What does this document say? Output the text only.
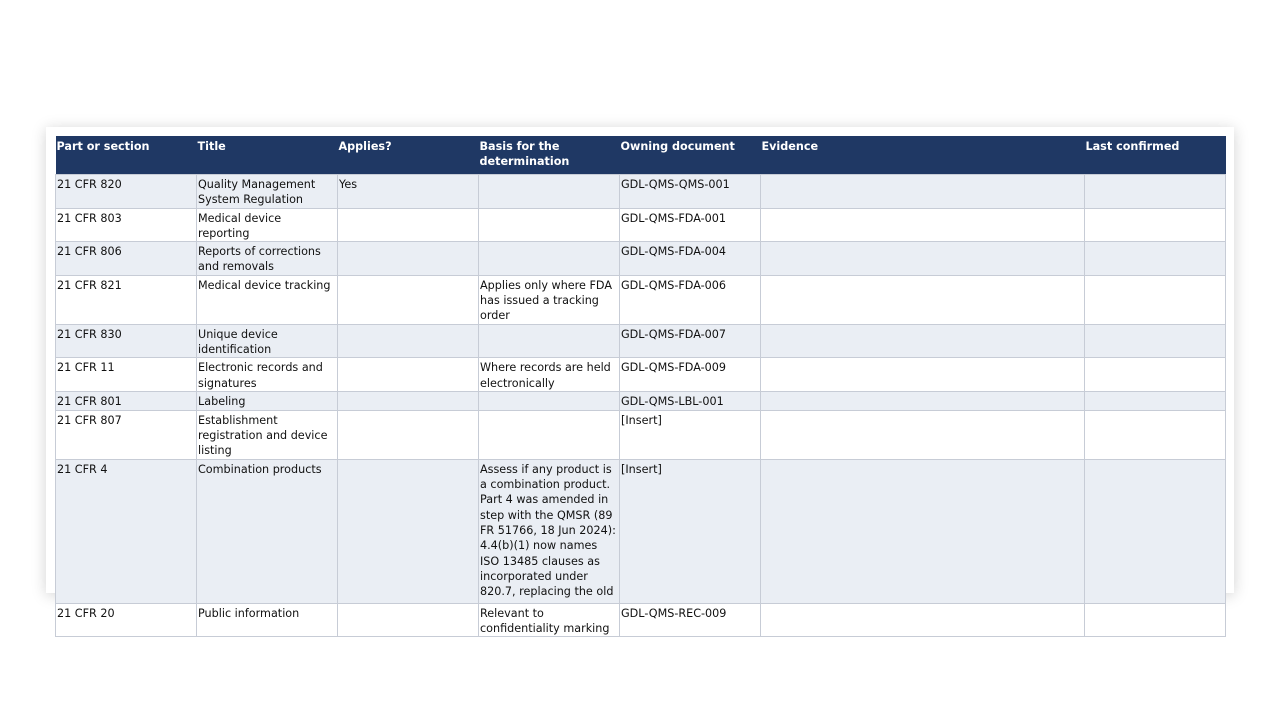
Part or section	Title	Applies?	Basis for the determination	Owning document	Evidence	Last confirmed
21 CFR 820	Quality Management System Regulation	Yes		GDL-QMS-QMS-001		
21 CFR 803	Medical device reporting			GDL-QMS-FDA-001		
21 CFR 806	Reports of corrections and removals			GDL-QMS-FDA-004		
21 CFR 821	Medical device tracking		Applies only where FDA has issued a tracking order	GDL-QMS-FDA-006		
21 CFR 830	Unique device identification			GDL-QMS-FDA-007		
21 CFR 11	Electronic records and signatures		Where records are held electronically	GDL-QMS-FDA-009		
21 CFR 801	Labeling			GDL-QMS-LBL-001		
21 CFR 807	Establishment registration and device listing			[Insert]		
21 CFR 4	Combination products		Assess if any product is a combination product. Part 4 was amended in step with the QMSR (89 FR 51766, 18 Jun 2024): 4.4(b)(1) now names ISO 13485 clauses as incorporated under 820.7, replacing the old	[Insert]		
21 CFR 20	Public information		Relevant to confidentiality marking	GDL-QMS-REC-009		
